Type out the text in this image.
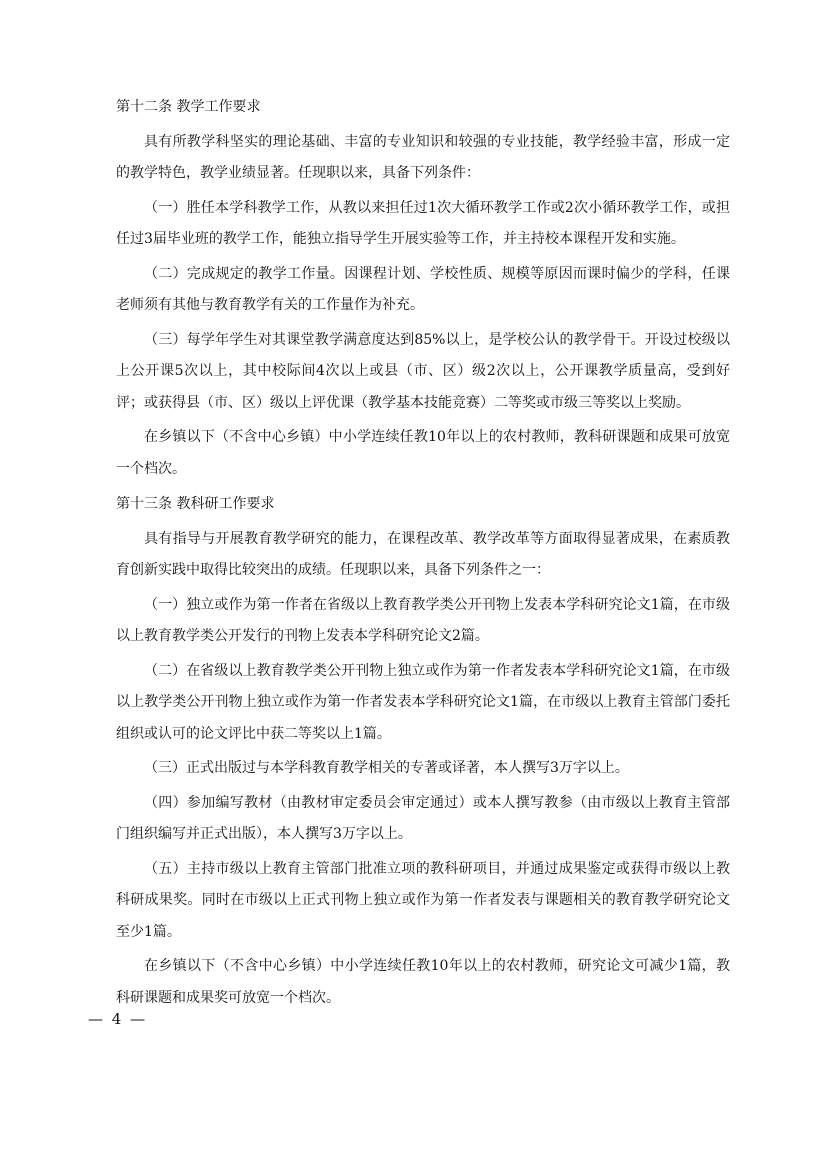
第十二条 教学工作要求

具有所教学科坚实的理论基础、丰富的专业知识和较强的专业技能，教学经验丰富，形成一定的教学特色，教学业绩显著。任现职以来，具备下列条件：

（一）胜任本学科教学工作，从教以来担任过1次大循环教学工作或2次小循环教学工作，或担任过3届毕业班的教学工作，能独立指导学生开展实验等工作，并主持校本课程开发和实施。

（二）完成规定的教学工作量。因课程计划、学校性质、规模等原因而课时偏少的学科，任课老师须有其他与教育教学有关的工作量作为补充。

（三）每学年学生对其课堂教学满意度达到85%以上，是学校公认的教学骨干。开设过校级以上公开课5次以上，其中校际间4次以上或县（市、区）级2次以上，公开课教学质量高，受到好评；或获得县（市、区）级以上评优课（教学基本技能竞赛）二等奖或市级三等奖以上奖励。

在乡镇以下（不含中心乡镇）中小学连续任教10年以上的农村教师，教科研课题和成果可放宽一个档次。

第十三条 教科研工作要求

具有指导与开展教育教学研究的能力，在课程改革、教学改革等方面取得显著成果，在素质教育创新实践中取得比较突出的成绩。任现职以来，具备下列条件之一：

（一）独立或作为第一作者在省级以上教育教学类公开刊物上发表本学科研究论文1篇，在市级以上教育教学类公开发行的刊物上发表本学科研究论文2篇。

（二）在省级以上教育教学类公开刊物上独立或作为第一作者发表本学科研究论文1篇，在市级以上教学类公开刊物上独立或作为第一作者发表本学科研究论文1篇，在市级以上教育主管部门委托组织或认可的论文评比中获二等奖以上1篇。

（三）正式出版过与本学科教育教学相关的专著或译著，本人撰写3万字以上。

（四）参加编写教材（由教材审定委员会审定通过）或本人撰写教参（由市级以上教育主管部门组织编写并正式出版），本人撰写3万字以上。

（五）主持市级以上教育主管部门批准立项的教科研项目，并通过成果鉴定或获得市级以上教科研成果奖。同时在市级以上正式刊物上独立或作为第一作者发表与课题相关的教育教学研究论文至少1篇。

在乡镇以下（不含中心乡镇）中小学连续任教10年以上的农村教师，研究论文可减少1篇，教科研课题和成果奖可放宽一个档次。

— 4 —
